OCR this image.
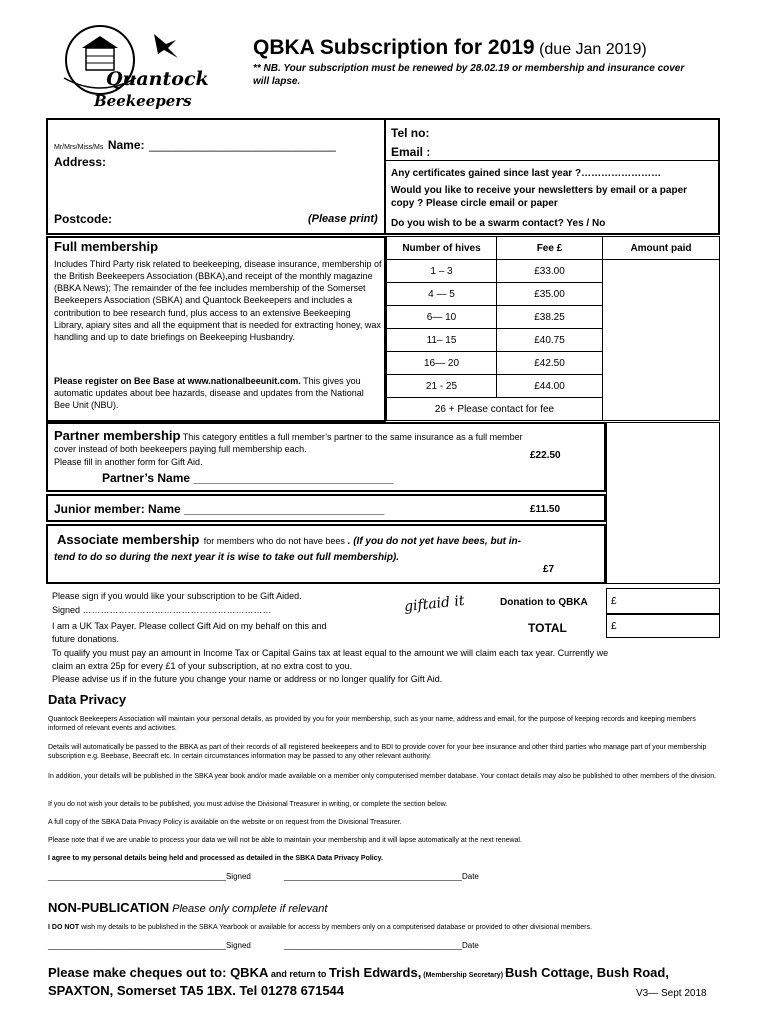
Quantock
Beekeepers
QBKA Subscription for 2019 (due Jan 2019)
** NB. Your subscription must be renewed by 28.02.19 or membership and insurance cover will lapse.
Mr/Mrs/Miss/Ms Name: ____________________________
Address:
Postcode:	(Please print)
Tel no:
Email :
Any certificates gained since last year ?……………………
Would you like to receive your newsletters by email or a paper copy ? Please circle email or paper
Do you wish to be a swarm contact? Yes / No
Full membership
Includes Third Party risk related to beekeeping, disease insurance, membership of the British Beekeepers Association (BBKA),and receipt of the monthly magazine (BBKA News); The remainder of the fee includes membership of the Somerset Beekeepers Association (SBKA) and Quantock Beekeepers and includes a contribution to bee research fund, plus access to an extensive Beekeeping Library, apiary sites and all the equipment that is needed for extracting honey, wax handling and up to date briefings on Beekeeping Husbandry.
Please register on Bee Base at www.nationalbeeunit.com. This gives you automatic updates about bee hazards, disease and updates from the National Bee Unit (NBU).
Number of hives	Fee £	Amount paid
1 – 3	£33.00	
4 — 5	£35.00	
6— 10	£38.25	
11– 15	£40.75	
16— 20	£42.50	
21 - 25	£44.00	
26 + Please contact for fee		
Partner membership This category entitles a full member’s partner to the same insurance as a full member
cover instead of both beekeepers paying full membership each.
Please fill in another form for Gift Aid.
£22.50
Partner’s Name ______________________________
Junior member: Name ______________________________	£11.50
Associate membership for members who do not have bees . (If you do not yet have bees, but in-
tend to do so during the next year it is wise to take out full membership).
£7
Please sign if you would like your subscription to be Gift Aided.
Signed ………………………………………………………	giftaid it
I am a UK Tax Payer. Please collect Gift Aid on my behalf on this and
future donations.
To qualify you must pay an amount in Income Tax or Capital Gains tax at least equal to the amount we will claim each tax year. Currently we
claim an extra 25p for every £1 of your subscription, at no extra cost to you.
Please advise us if in the future you change your name or address or no longer qualify for Gift Aid.
Donation to QBKA
TOTAL
£
£
Data Privacy
Quantock Beekeepers Association will maintain your personal details, as provided by you for your membership, such as your name, address and email, for the purpose of keeping records and keeping members informed of relevant events and activities.
Details will automatically be passed to the BBKA as part of their records of all registered beekeepers and to BDI to provide cover for your bee insurance and other third parties who manage part of your membership subscription e.g. Beebase, Beecraft etc. In certain circumstances information may be passed to any other relevant authority.
In addition, your details will be published in the SBKA year book and/or made available on a member only computerised member database. Your contact details may also be published to other members of the division.
If you do not wish your details to be published, you must advise the Divisional Treasurer in writing, or complete the section below.
A full copy of the SBKA Data Privacy Policy is available on the website or on request from the Divisional Treasurer.
Please note that if we are unable to process your data we will not be able to maintain your membership and it will lapse automatically at the next renewal.
I agree to my personal details being held and processed as detailed in the SBKA Data Privacy Policy.
________________________________________Signed	________________________________________Date
NON-PUBLICATION Please only complete if relevant
I DO NOT wish my details to be published in the SBKA Yearbook or available for access by members only on a computerised database or provided to other divisional members.
________________________________________Signed	________________________________________Date
Please make cheques out to: QBKA and return to Trish Edwards, (Membership Secretary) Bush Cottage, Bush Road,
SPAXTON, Somerset TA5 1BX. Tel 01278 671544	V3— Sept 2018
